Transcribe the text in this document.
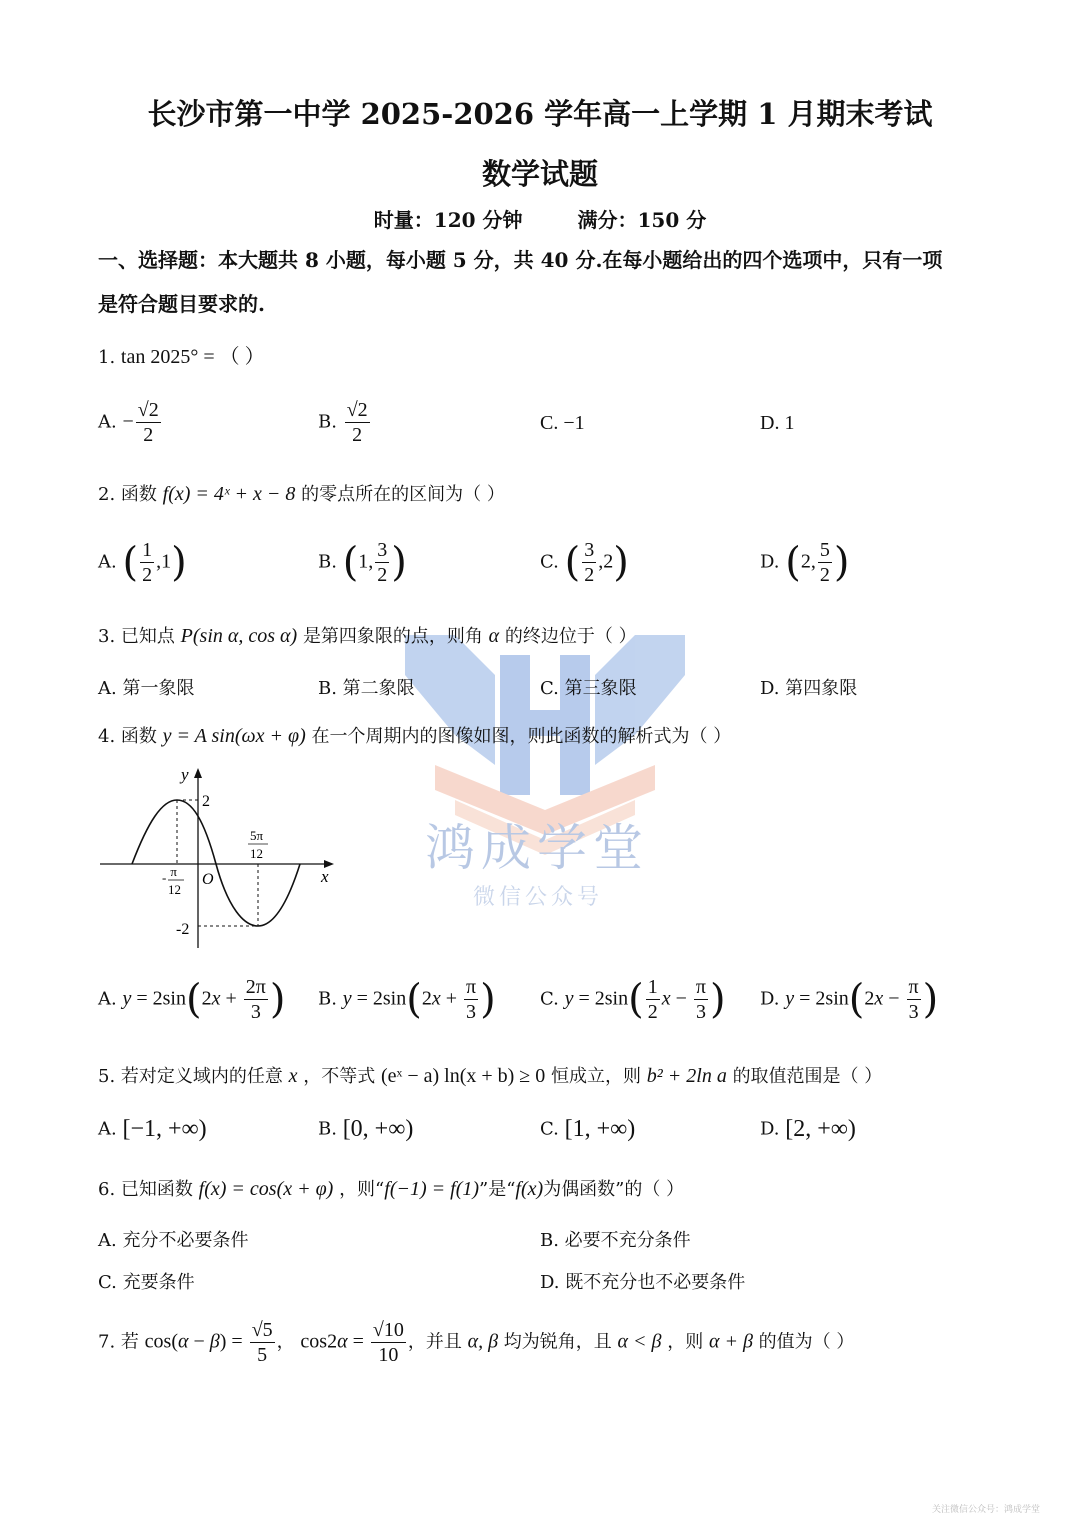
长沙市第一中学 2025-2026 学年高一上学期 1 月期末考试
数学试题
时量：120 分钟	满分：150 分
一、选择题：本大题共 8 小题，每小题 5 分，共 40 分.在每小题给出的四个选项中，只有一项
是符合题目要求的.
鸿成学堂
微信公众号
1. tan 2025° = （ ）
A. − $\frac{√2}{2}$	B. $\frac{√2}{2}$	C. −1	D. 1
2. 函数 f(x) = 4ˣ + x − 8 的零点所在的区间为（ ）
A. ( $\frac{1}{2} ,1$)	B. (1, $\frac{3}{2}$ )	C. ( $\frac{3}{2} ,2$)	D. (2, $\frac{5}{2}$ )
3. 已知点 P(sin α, cos α) 是第四象限的点，则角 α 的终边位于（ ）
A. 第一象限	B. 第二象限	C. 第三象限	D. 第四象限
4. 函数 y = A sin(ωx + φ) 在一个周期内的图像如图，则此函数的解析式为（ ）
y
x
O
2
-2
- π
12
5π
12
A. $y = 2\sin(2x + \frac{2\pi}{3}$ ) B. $y = 2\sin(2x + \frac{\pi}{3}$ ) C. $y = 2\sin( \frac{1}{2}$ $x - \frac{\pi}{3}$ ) D. $y = 2\sin(2x - \frac{\pi}{3}$ )
5. 若对定义域内的任意 x ，不等式 (eˣ − a) ln(x + b) ≥ 0 恒成立，则 b² + 2ln a 的取值范围是（ ）
A. [−1, +∞)	B. [0, +∞)	C. [1, +∞)	D. [2, +∞)
6. 已知函数 f(x) = cos(x + φ) ，则“f(−1) = f(1)”是“f(x)为偶函数”的（ ）
A. 充分不必要条件	B. 必要不充分条件
C. 充要条件	D. 既不充分也不必要条件
7. 若 $\cos(\alpha - \beta) = \frac{√5}{5}$ ， $\cos 2\alpha = \frac{√10}{10}$ ，并且 α, β 均为锐角，且 α < β ，则 α + β 的值为（ ）
关注微信公众号：鸿成学堂
